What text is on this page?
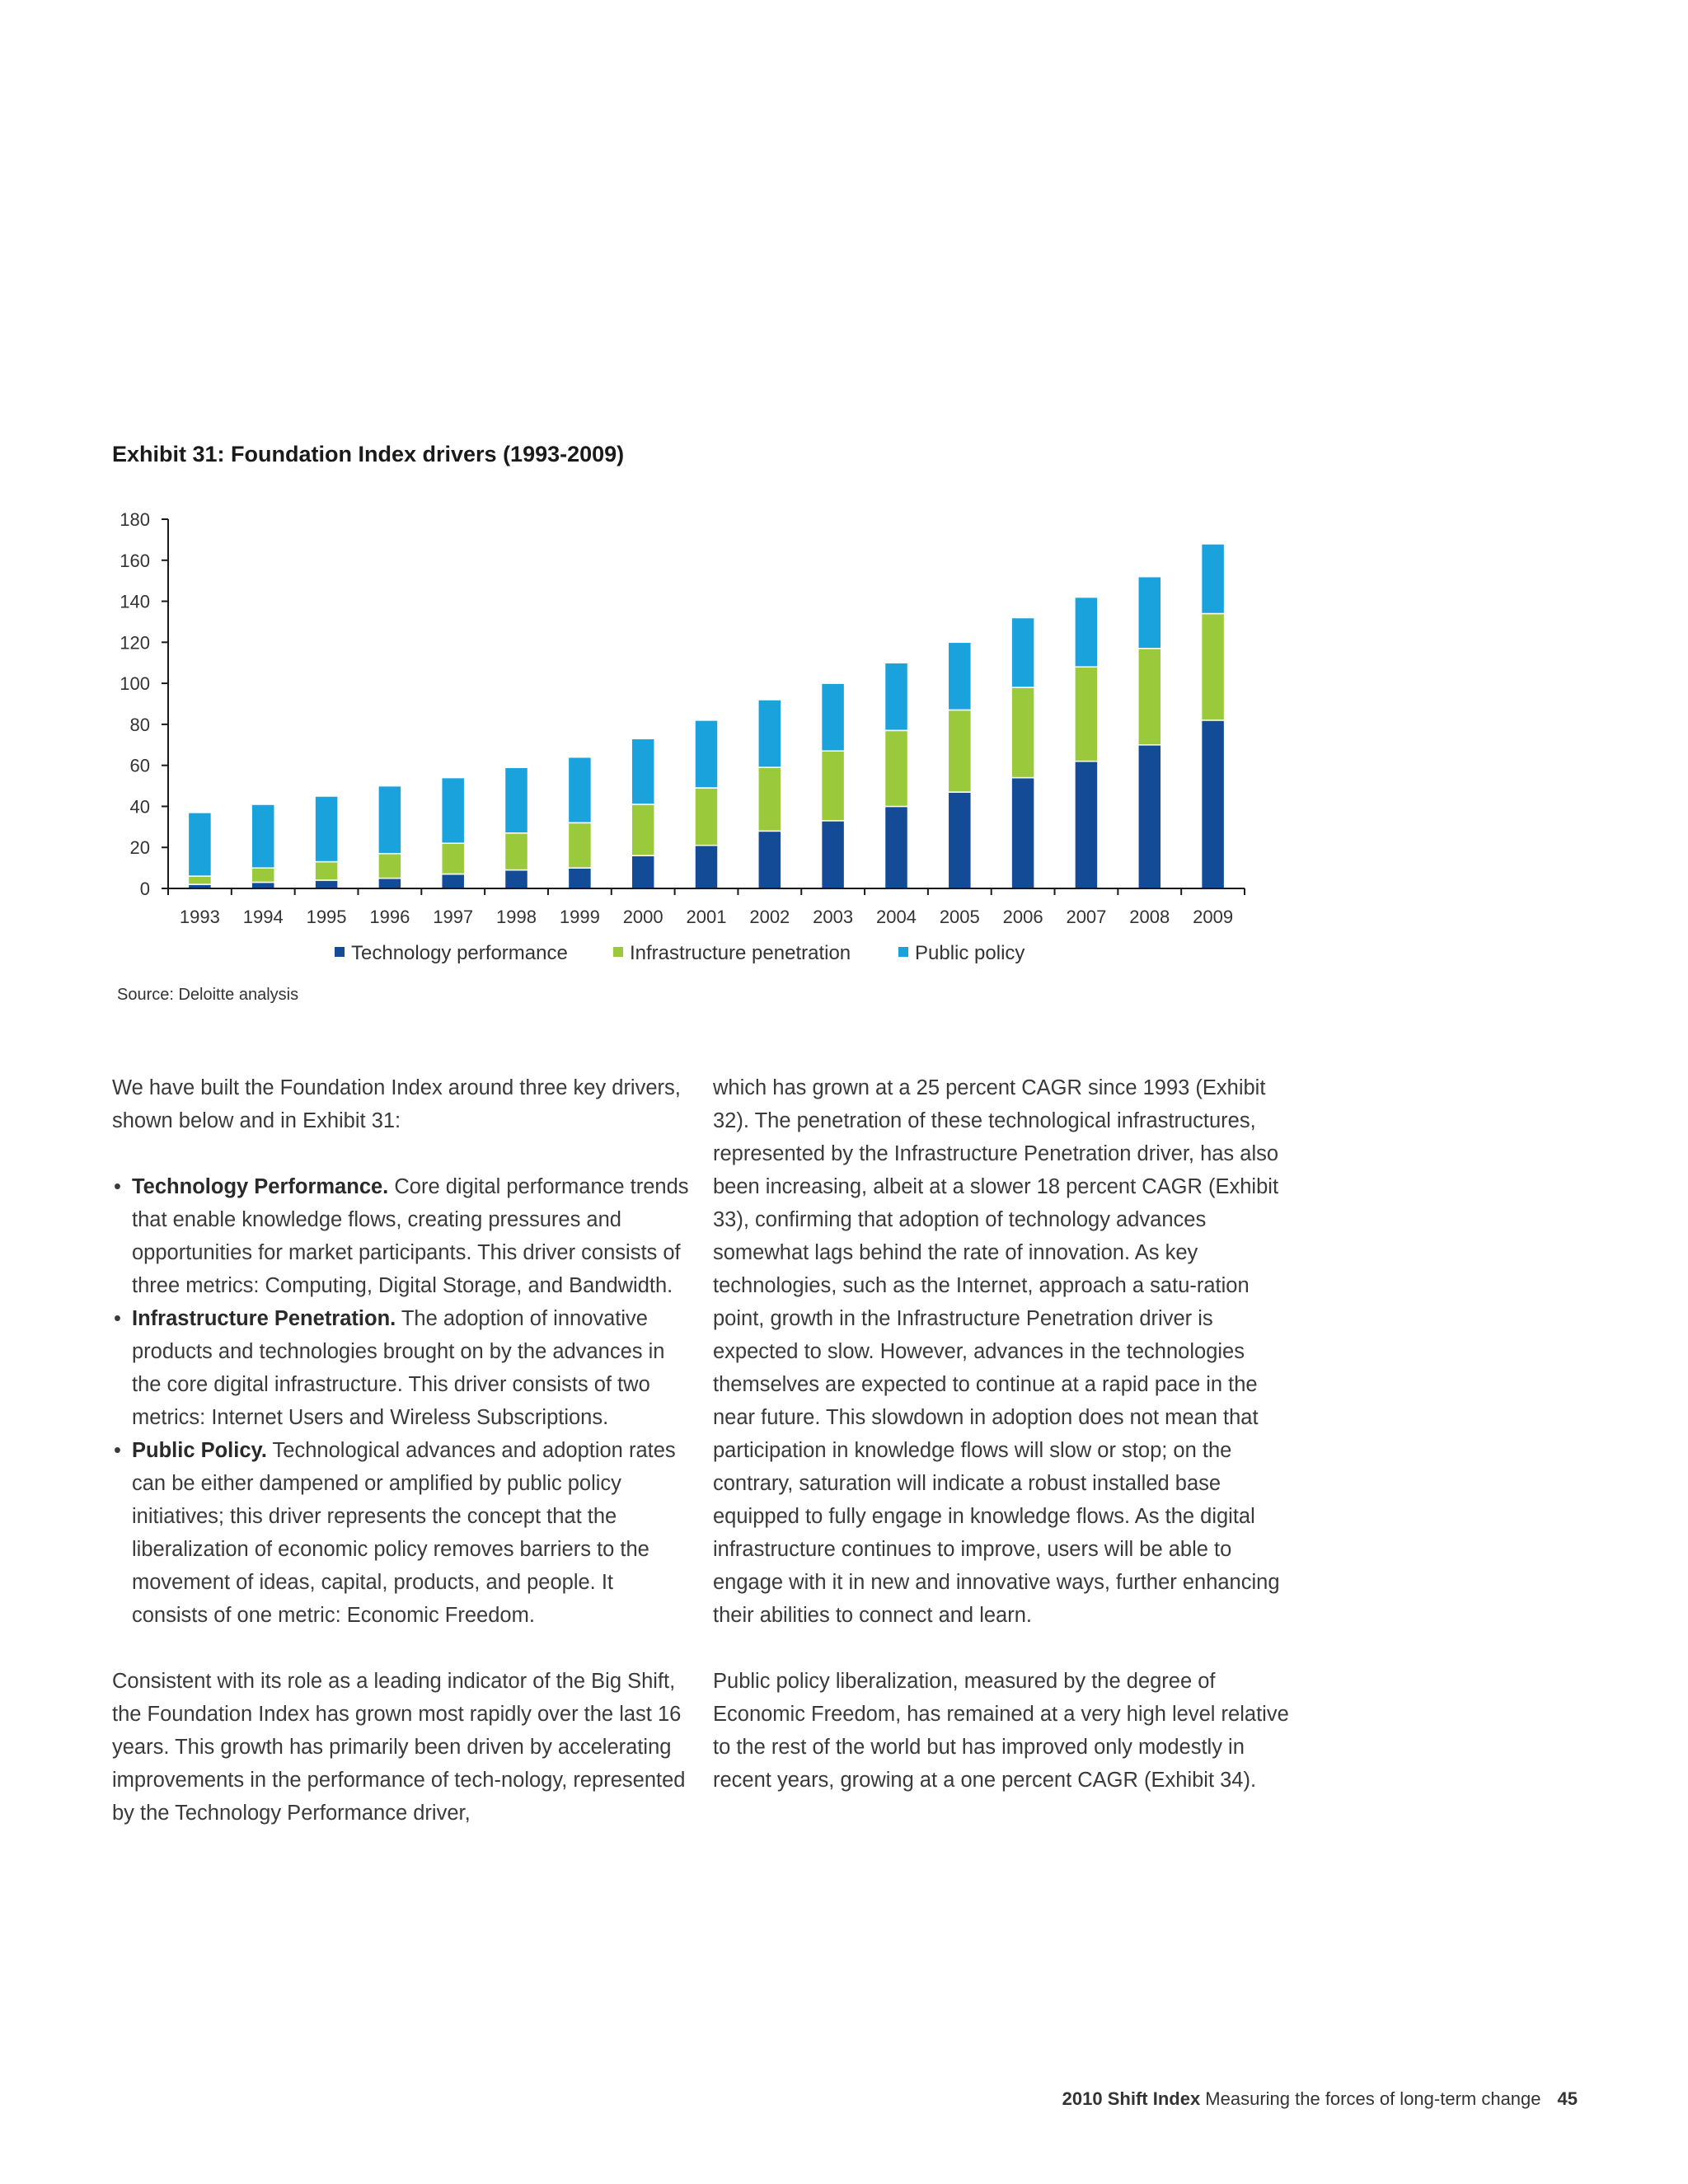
Exhibit 31: Foundation Index drivers (1993-2009)
0
20
40
60
80
100
120
140
160
180
1993 1994 1995 1996 1997 1998 1999 2000 2001 2002 2003 2004 2005 2006 2007 2008 2009
Technology performance	Infrastructure penetration	Public policy
Source: Deloitte analysis

We have built the Foundation Index around three key drivers, shown below and in Exhibit 31:

• Technology Performance. Core digital performance trends that enable knowledge flows, creating pressures and opportunities for market participants. This driver consists of three metrics: Computing, Digital Storage, and Bandwidth.
• Infrastructure Penetration. The adoption of innovative products and technologies brought on by the advances in the core digital infrastructure. This driver consists of two metrics: Internet Users and Wireless Subscriptions.
• Public Policy. Technological advances and adoption rates can be either dampened or amplified by public policy initiatives; this driver represents the concept that the liberalization of economic policy removes barriers to the movement of ideas, capital, products, and people. It consists of one metric: Economic Freedom.

Consistent with its role as a leading indicator of the Big Shift, the Foundation Index has grown most rapidly over the last 16 years. This growth has primarily been driven by accelerating improvements in the performance of tech-nology, represented by the Technology Performance driver,

which has grown at a 25 percent CAGR since 1993 (Exhibit 32). The penetration of these technological infrastructures, represented by the Infrastructure Penetration driver, has also been increasing, albeit at a slower 18 percent CAGR (Exhibit 33), confirming that adoption of technology advances somewhat lags behind the rate of innovation. As key technologies, such as the Internet, approach a satu-ration point, growth in the Infrastructure Penetration driver is expected to slow. However, advances in the technologies themselves are expected to continue at a rapid pace in the near future. This slowdown in adoption does not mean that participation in knowledge flows will slow or stop; on the contrary, saturation will indicate a robust installed base equipped to fully engage in knowledge flows. As the digital infrastructure continues to improve, users will be able to engage with it in new and innovative ways, further enhancing their abilities to connect and learn.

Public policy liberalization, measured by the degree of Economic Freedom, has remained at a very high level relative to the rest of the world but has improved only modestly in recent years, growing at a one percent CAGR (Exhibit 34).

2010 Shift Index Measuring the forces of long-term change 45
